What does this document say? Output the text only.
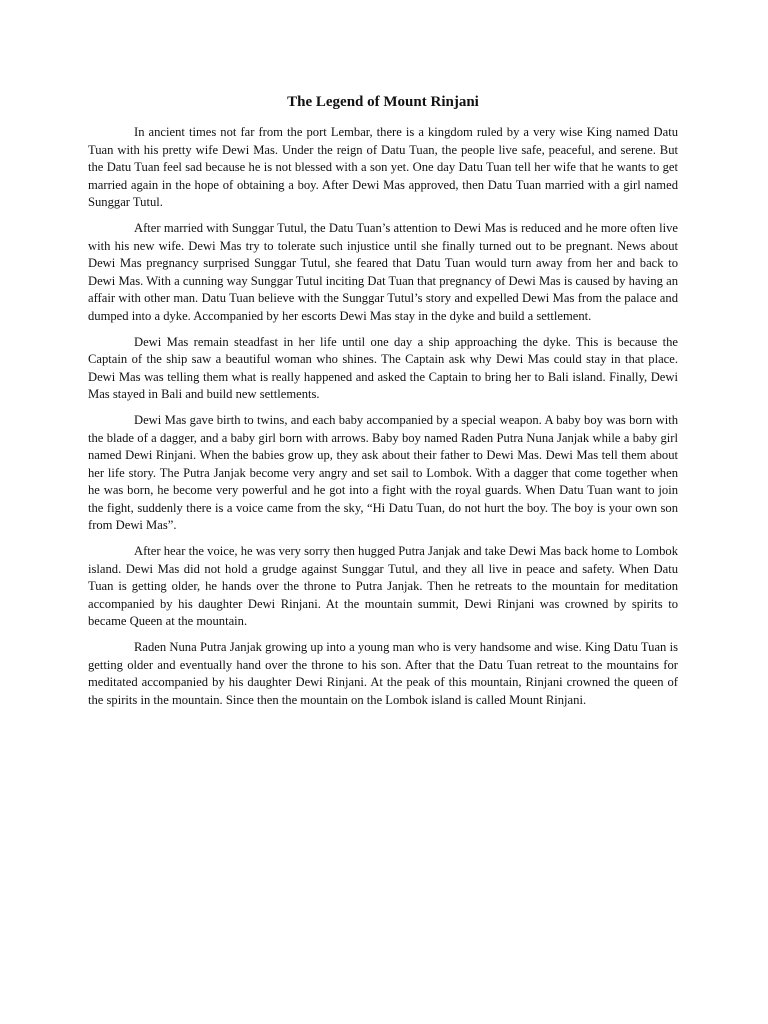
The Legend of Mount Rinjani

In ancient times not far from the port Lembar, there is a kingdom ruled by a very wise King named Datu Tuan with his pretty wife Dewi Mas. Under the reign of Datu Tuan, the people live safe, peaceful, and serene. But the Datu Tuan feel sad because he is not blessed with a son yet. One day Datu Tuan tell her wife that he wants to get married again in the hope of obtaining a boy. After Dewi Mas approved, then Datu Tuan married with a girl named Sunggar Tutul.

After married with Sunggar Tutul, the Datu Tuan’s attention to Dewi Mas is reduced and he more often live with his new wife. Dewi Mas try to tolerate such injustice until she finally turned out to be pregnant. News about Dewi Mas pregnancy surprised Sunggar Tutul, she feared that Datu Tuan would turn away from her and back to Dewi Mas. With a cunning way Sunggar Tutul inciting Dat Tuan that pregnancy of Dewi Mas is caused by having an affair with other man. Datu Tuan believe with the Sunggar Tutul’s story and expelled Dewi Mas from the palace and dumped into a dyke. Accompanied by her escorts Dewi Mas stay in the dyke and build a settlement.

Dewi Mas remain steadfast in her life until one day a ship approaching the dyke. This is because the Captain of the ship saw a beautiful woman who shines. The Captain ask why Dewi Mas could stay in that place. Dewi Mas was telling them what is really happened and asked the Captain to bring her to Bali island. Finally, Dewi Mas stayed in Bali and build new settlements.

Dewi Mas gave birth to twins, and each baby accompanied by a special weapon. A baby boy was born with the blade of a dagger, and a baby girl born with arrows. Baby boy named Raden Putra Nuna Janjak while a baby girl named Dewi Rinjani. When the babies grow up, they ask about their father to Dewi Mas. Dewi Mas tell them about her life story. The Putra Janjak become very angry and set sail to Lombok. With a dagger that come together when he was born, he become very powerful and he got into a fight with the royal guards. When Datu Tuan want to join the fight, suddenly there is a voice came from the sky, “Hi Datu Tuan, do not hurt the boy. The boy is your own son from Dewi Mas”.

After hear the voice, he was very sorry then hugged Putra Janjak and take Dewi Mas back home to Lombok island. Dewi Mas did not hold a grudge against Sunggar Tutul, and they all live in peace and safety. When Datu Tuan is getting older, he hands over the throne to Putra Janjak. Then he retreats to the mountain for meditation accompanied by his daughter Dewi Rinjani. At the mountain summit, Dewi Rinjani was crowned by spirits to became Queen at the mountain.

Raden Nuna Putra Janjak growing up into a young man who is very handsome and wise. King Datu Tuan is getting older and eventually hand over the throne to his son. After that the Datu Tuan retreat to the mountains for meditated accompanied by his daughter Dewi Rinjani. At the peak of this mountain, Rinjani crowned the queen of the spirits in the mountain. Since then the mountain on the Lombok island is called Mount Rinjani.
